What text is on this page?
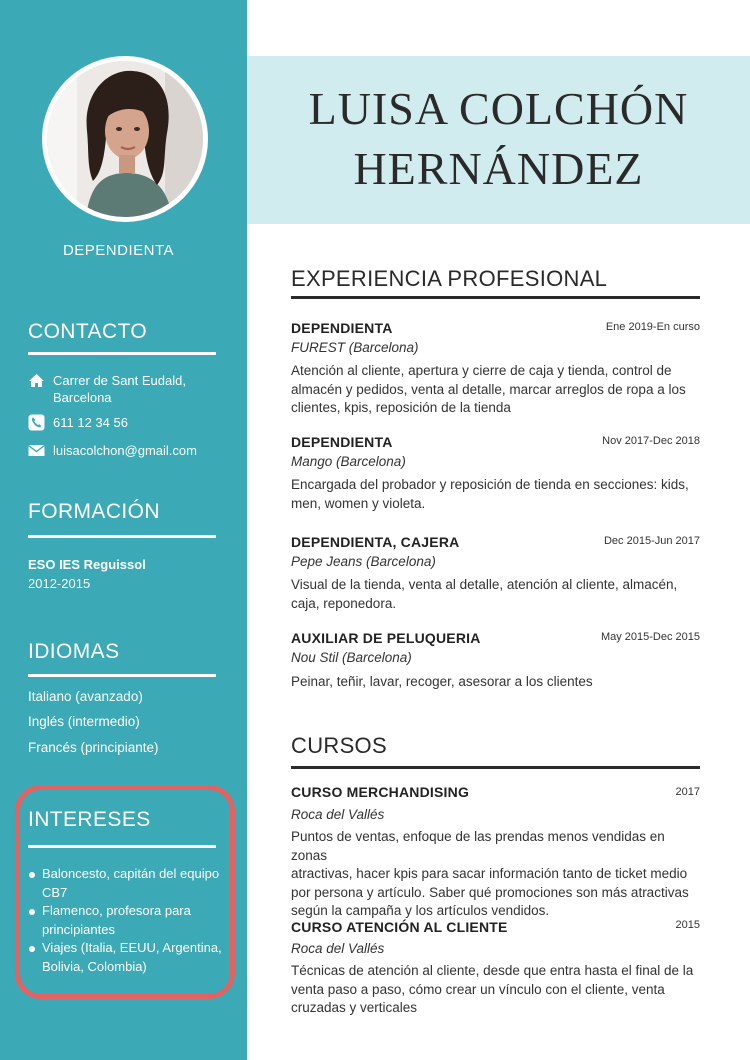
DEPENDIENTA
CONTACTO
Carrer de Sant Eudald,
Barcelona
611 12 34 56
luisacolchon@gmail.com
FORMACIÓN
ESO IES Reguissol
2012-2015
IDIOMAS
Italiano (avanzado)
Inglés (intermedio)
Francés (principiante)
INTERESES
Baloncesto, capitán del equipo
CB7
Flamenco, profesora para
principiantes
Viajes (Italia, EEUU, Argentina,
Bolivia, Colombia)
LUISA COLCHÓN
HERNÁNDEZ
EXPERIENCIA PROFESIONAL
DEPENDIENTA	Ene 2019-En curso
FUREST (Barcelona)
Atención al cliente, apertura y cierre de caja y tienda, control de
almacén y pedidos, venta al detalle, marcar arreglos de ropa a los
clientes, kpis, reposición de la tienda
DEPENDIENTA	Nov 2017-Dec 2018
Mango (Barcelona)
Encargada del probador y reposición de tienda en secciones: kids,
men, women y violeta.
DEPENDIENTA, CAJERA	Dec 2015-Jun 2017
Pepe Jeans (Barcelona)
Visual de la tienda, venta al detalle, atención al cliente, almacén,
caja, reponedora.
AUXILIAR DE PELUQUERIA	May 2015-Dec 2015
Nou Stil (Barcelona)
Peinar, teñir, lavar, recoger, asesorar a los clientes
CURSOS
CURSO MERCHANDISING	2017
Roca del Vallés
Puntos de ventas, enfoque de las prendas menos vendidas en zonas
atractivas, hacer kpis para sacar información tanto de ticket medio
por persona y artículo. Saber qué promociones son más atractivas
según la campaña y los artículos vendidos.
CURSO ATENCIÓN AL CLIENTE	2015
Roca del Vallés
Técnicas de atención al cliente, desde que entra hasta el final de la
venta paso a paso, cómo crear un vínculo con el cliente, venta
cruzadas y verticales
